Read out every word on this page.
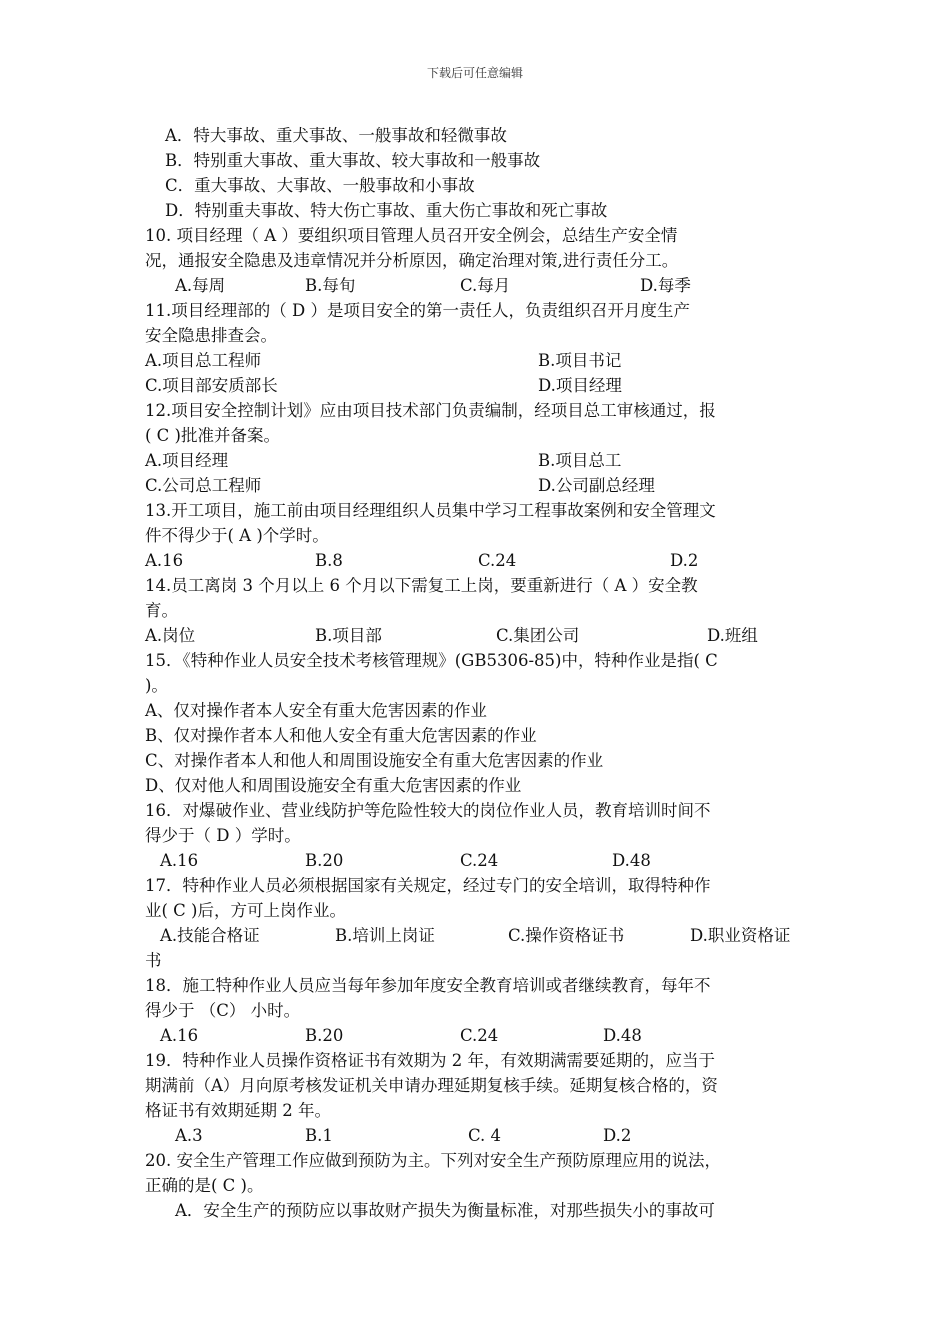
下载后可任意编辑
A．特大事故、重犬事故、一般事故和轻微事故
B．特别重大事故、重大事故、较大事故和一般事故
C．重大事故、大事故、一般事故和小事故
D．特别重夫事故、特大伤亡事故、重大伤亡事故和死亡事故
10. 项目经理（ A ）要组织项目管理人员召开安全例会，总结生产安全情
况，通报安全隐患及违章情况并分析原因，确定治理对策,进行责任分工。
A.每周	B.每旬	C.每月	D.每季
11.项目经理部的（ D ）是项目安全的第一责任人，负责组织召开月度生产
安全隐患排查会。
A.项目总工程师	B.项目书记
C.项目部安质部长	D.项目经理
12.项目安全控制计划》应由项目技术部门负责编制，经项目总工审核通过，报
( C )批准并备案。
A.项目经理	B.项目总工
C.公司总工程师	D.公司副总经理
13.开工项目，施工前由项目经理组织人员集中学习工程事故案例和安全管理文
件不得少于( A )个学时。
A.16	B.8	C.24	D.2
14.员工离岗 3 个月以上 6 个月以下需复工上岗，要重新进行（ A ）安全教
育。
A.岗位	B.项目部	C.集团公司	D.班组
15．《特种作业人员安全技术考核管理规》(GB5306-85)中，特种作业是指( C
)。
A、仅对操作者本人安全有重大危害因素的作业
B、仅对操作者本人和他人安全有重大危害因素的作业
C、对操作者本人和他人和周围设施安全有重大危害因素的作业
D、仅对他人和周围设施安全有重大危害因素的作业
16．对爆破作业、营业线防护等危险性较大的岗位作业人员，教育培训时间不
得少于（ D ）学时。
A.16	B.20	C.24	D.48
17．特种作业人员必须根据国家有关规定，经过专门的安全培训，取得特种作
业( C )后，方可上岗作业。
A.技能合格证	B.培训上岗证	C.操作资格证书	D.职业资格证
书
18．施工特种作业人员应当每年参加年度安全教育培训或者继续教育，每年不
得少于 （C） 小时。
A.16	B.20	C.24	D.48
19．特种作业人员操作资格证书有效期为 2 年，有效期满需要延期的，应当于
期满前（A）月向原考核发证机关申请办理延期复核手续。延期复核合格的，资
格证书有效期延期 2 年。
A.3	B.1	C. 4	D.2
20. 安全生产管理工作应做到预防为主。下列对安全生产预防原理应用的说法，
正确的是( C )。
A．安全生产的预防应以事故财产损失为衡量标准，对那些损失小的事故可
